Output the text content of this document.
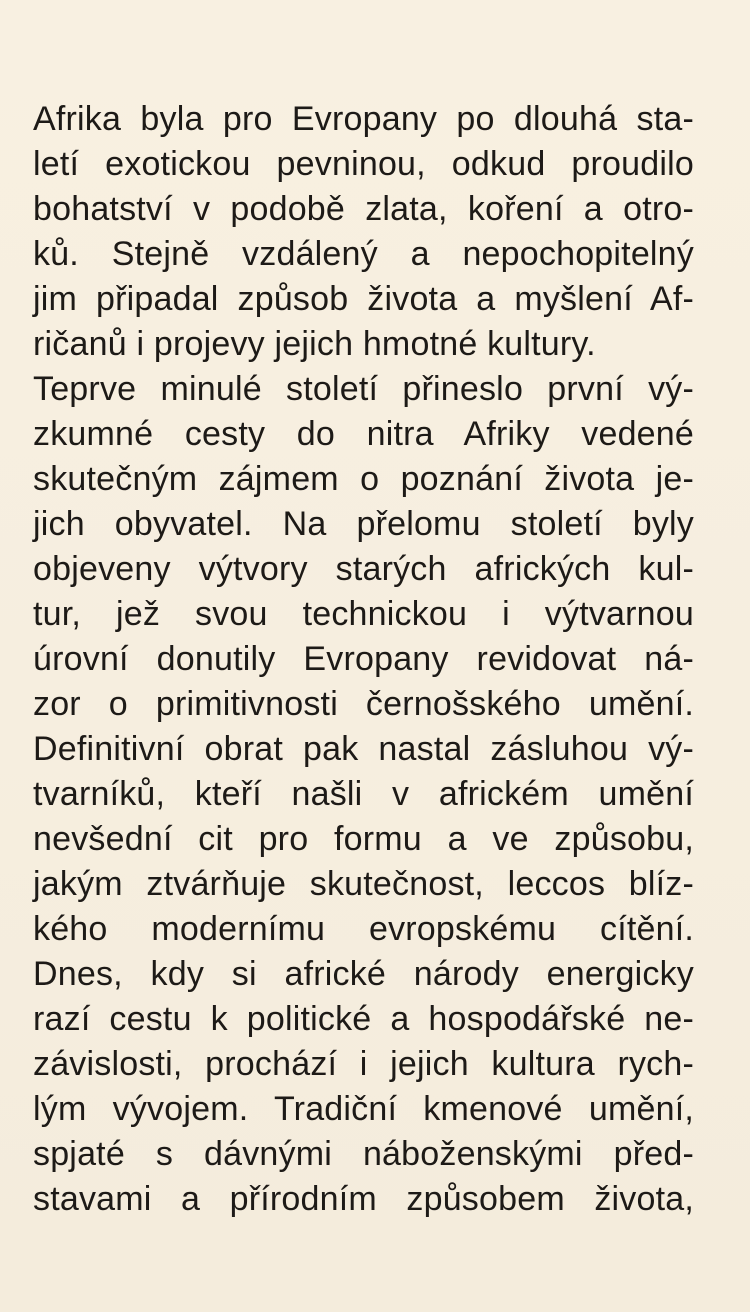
Afrika byla pro Evropany po dlouhá sta-
letí exotickou pevninou, odkud proudilo
bohatství v podobě zlata, koření a otro-
ků. Stejně vzdálený a nepochopitelný
jim připadal způsob života a myšlení Af-
ričanů i projevy jejich hmotné kultury.
Teprve minulé století přineslo první vý-
zkumné cesty do nitra Afriky vedené
skutečným zájmem o poznání života je-
jich obyvatel. Na přelomu století byly
objeveny výtvory starých afrických kul-
tur, jež svou technickou i výtvarnou
úrovní donutily Evropany revidovat ná-
zor o primitivnosti černošského umění.
Definitivní obrat pak nastal zásluhou vý-
tvarníků, kteří našli v africkém umění
nevšední cit pro formu a ve způsobu,
jakým ztvárňuje skutečnost, leccos blíz-
kého modernímu evropskému cítění.
Dnes, kdy si africké národy energicky
razí cestu k politické a hospodářské ne-
závislosti, prochází i jejich kultura rych-
lým vývojem. Tradiční kmenové umění,
spjaté s dávnými náboženskými před-
stavami a přírodním způsobem života,
